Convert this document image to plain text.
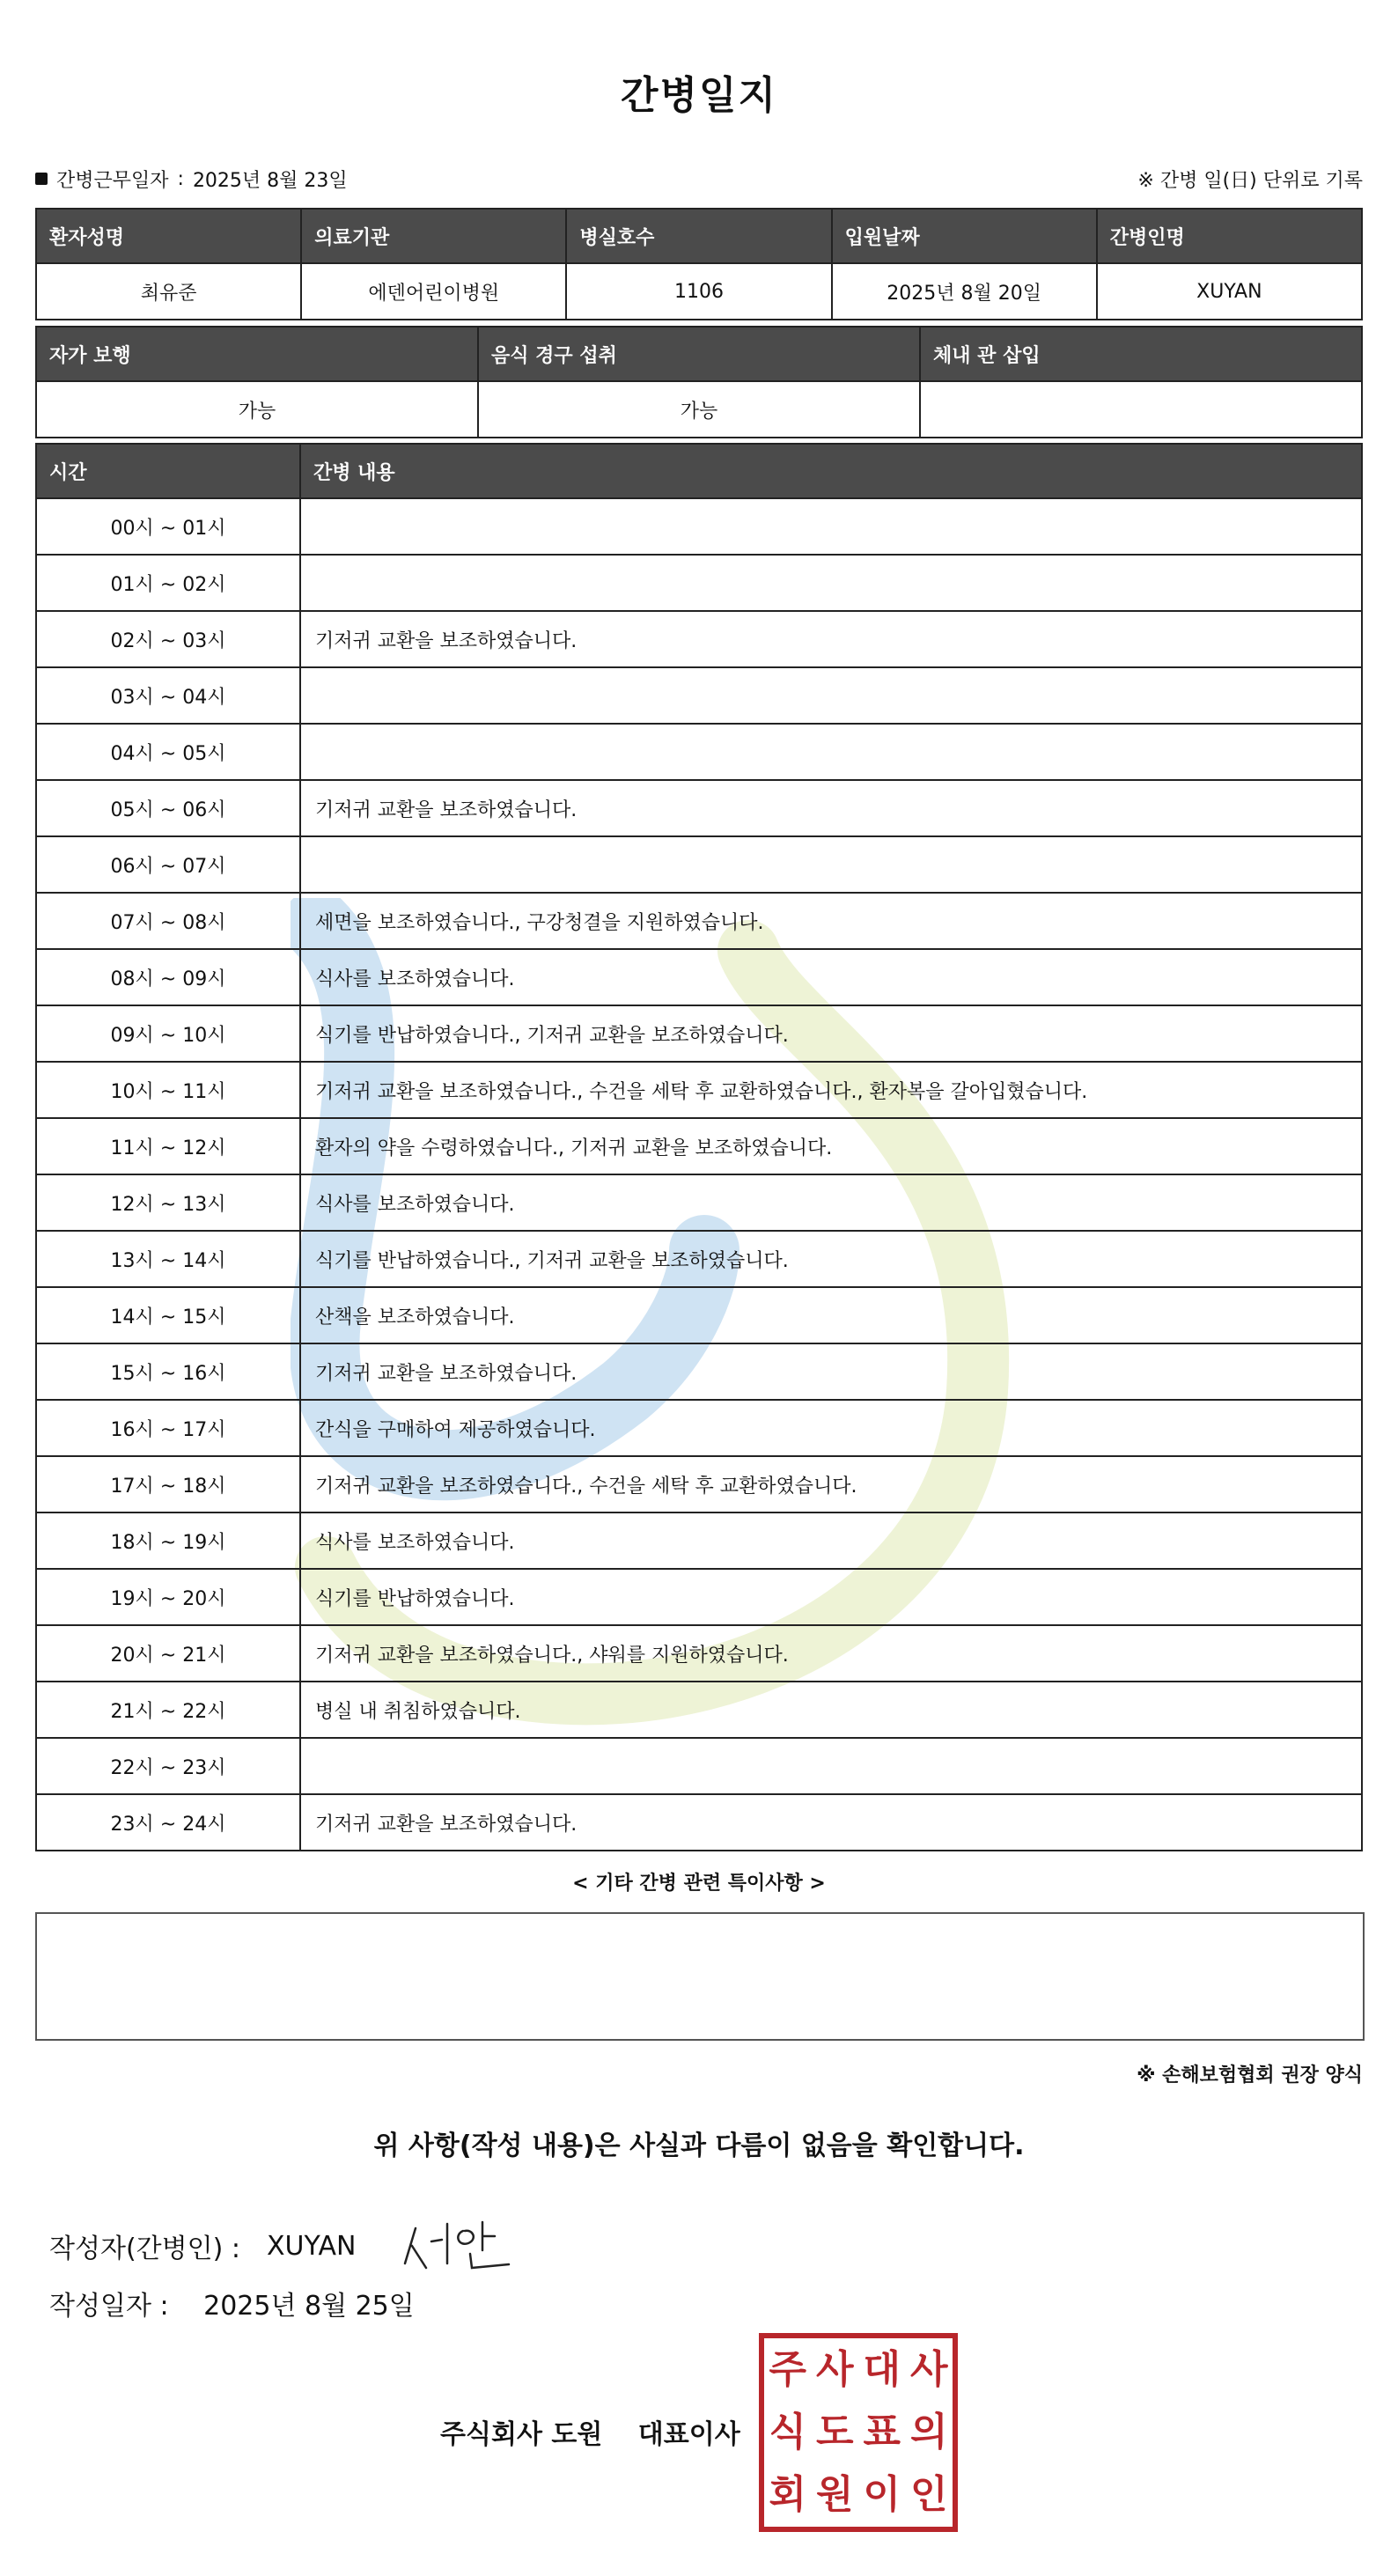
간병일지
간병근무일자 : 2025년 8월 23일	※ 간병 일(日) 단위로 기록
환자성명	의료기관	병실호수	입원날짜	간병인명
최유준	에덴어린이병원	1106	2025년 8월 20일	XUYAN
자가 보행	음식 경구 섭취	체내 관 삽입
가능	가능	
시간	간병 내용
00시 ~ 01시	
01시 ~ 02시	
02시 ~ 03시	기저귀 교환을 보조하였습니다.
03시 ~ 04시	
04시 ~ 05시	
05시 ~ 06시	기저귀 교환을 보조하였습니다.
06시 ~ 07시	
07시 ~ 08시	세면을 보조하였습니다., 구강청결을 지원하였습니다.
08시 ~ 09시	식사를 보조하였습니다.
09시 ~ 10시	식기를 반납하였습니다., 기저귀 교환을 보조하였습니다.
10시 ~ 11시	기저귀 교환을 보조하였습니다., 수건을 세탁 후 교환하였습니다., 환자복을 갈아입혔습니다.
11시 ~ 12시	환자의 약을 수령하였습니다., 기저귀 교환을 보조하였습니다.
12시 ~ 13시	식사를 보조하였습니다.
13시 ~ 14시	식기를 반납하였습니다., 기저귀 교환을 보조하였습니다.
14시 ~ 15시	산책을 보조하였습니다.
15시 ~ 16시	기저귀 교환을 보조하였습니다.
16시 ~ 17시	간식을 구매하여 제공하였습니다.
17시 ~ 18시	기저귀 교환을 보조하였습니다., 수건을 세탁 후 교환하였습니다.
18시 ~ 19시	식사를 보조하였습니다.
19시 ~ 20시	식기를 반납하였습니다.
20시 ~ 21시	기저귀 교환을 보조하였습니다., 샤워를 지원하였습니다.
21시 ~ 22시	병실 내 취침하였습니다.
22시 ~ 23시	
23시 ~ 24시	기저귀 교환을 보조하였습니다.
< 기타 간병 관련 특이사항 >
※ 손해보험협회 권장 양식
위 사항(작성 내용)은 사실과 다름이 없음을 확인합니다.
작성자(간병인) : XUYAN
작성일자 : 2025년 8월 25일
주식회사 도원 대표이사
주 사 대 사
식 도 표 의
회 원 이 인
